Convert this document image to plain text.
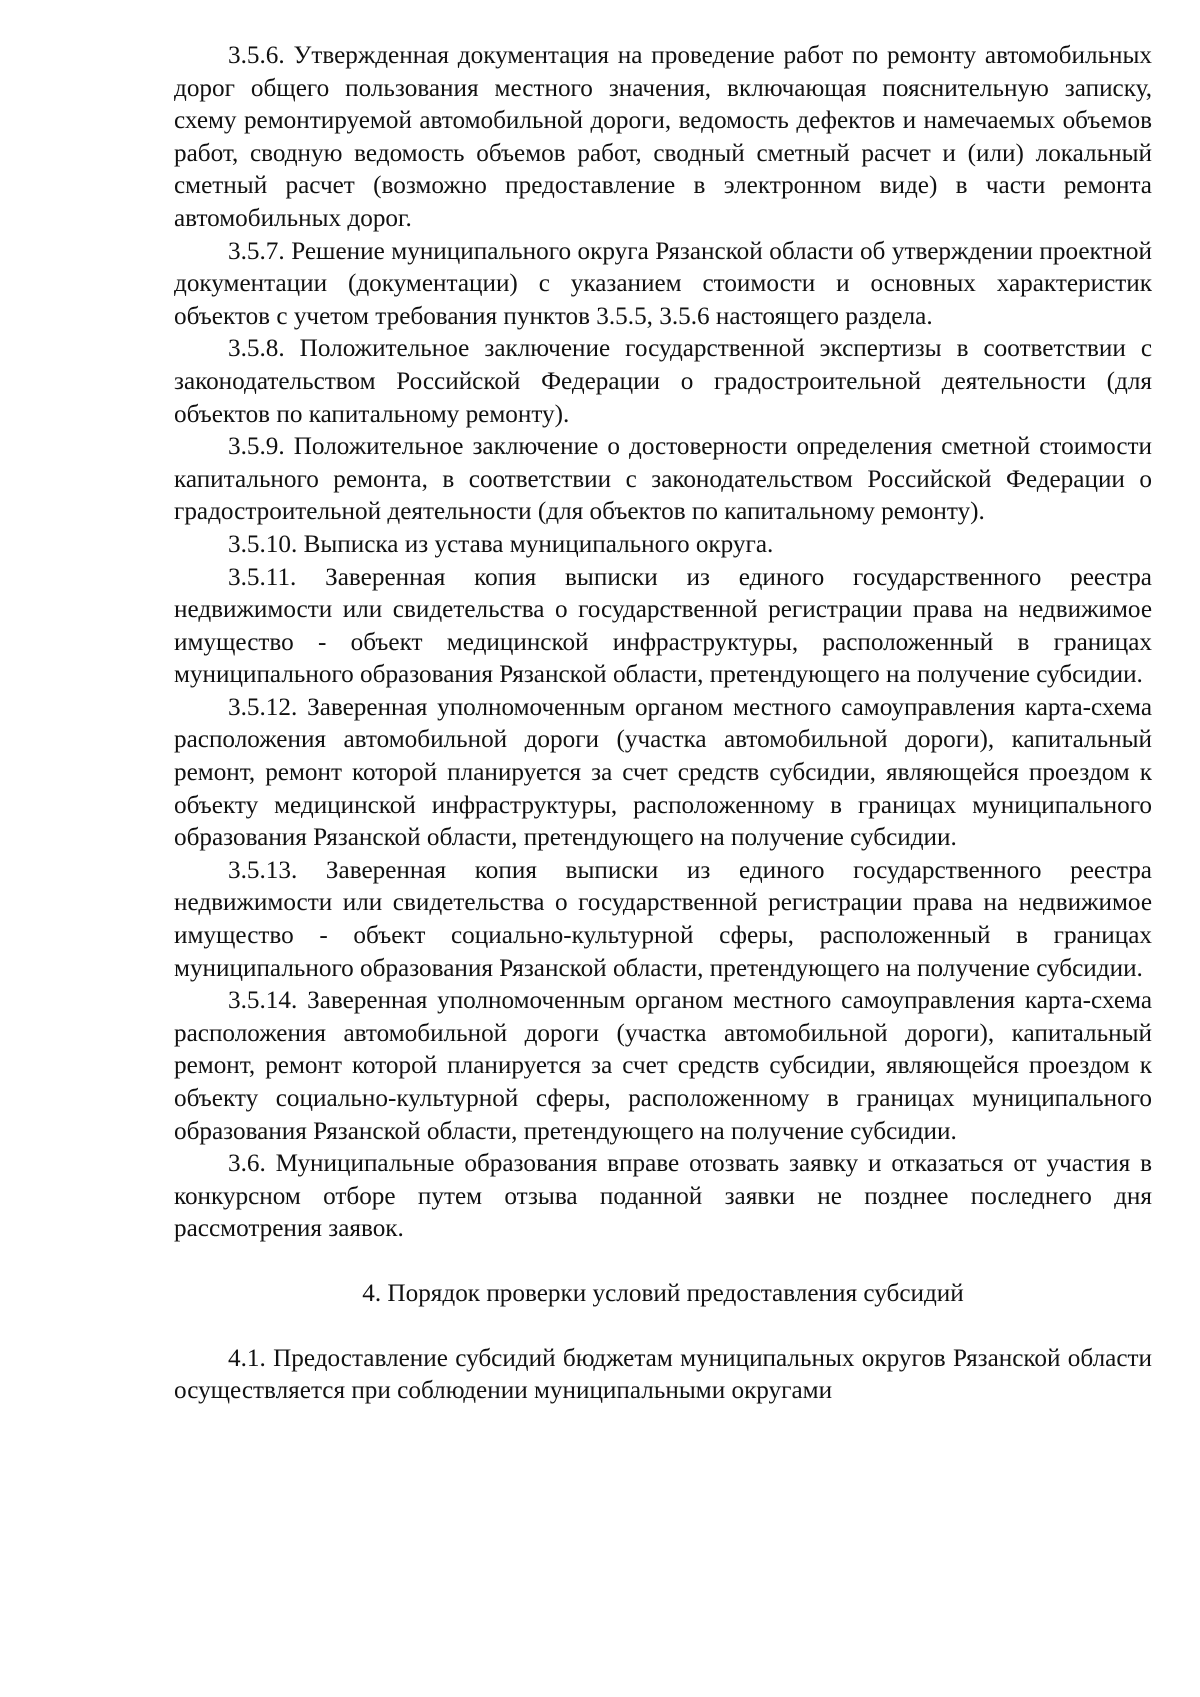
3.5.6. Утвержденная документация на проведение работ по ремонту автомобильных дорог общего пользования местного значения, включающая пояснительную записку, схему ремонтируемой автомобильной дороги, ведомость дефектов и намечаемых объемов работ, сводную ведомость объемов работ, сводный сметный расчет и (или) локальный сметный расчет (возможно предоставление в электронном виде) в части ремонта автомобильных дорог.

3.5.7. Решение муниципального округа Рязанской области об утверждении проектной документации (документации) с указанием стоимости и основных характеристик объектов с учетом требования пунктов 3.5.5, 3.5.6 настоящего раздела.

3.5.8. Положительное заключение государственной экспертизы в соответствии с законодательством Российской Федерации о градостроительной деятельности (для объектов по капитальному ремонту).

3.5.9. Положительное заключение о достоверности определения сметной стоимости капитального ремонта, в соответствии с законодательством Российской Федерации о градостроительной деятельности (для объектов по капитальному ремонту).

3.5.10. Выписка из устава муниципального округа.

3.5.11. Заверенная копия выписки из единого государственного реестра недвижимости или свидетельства о государственной регистрации права на недвижимое имущество - объект медицинской инфраструктуры, расположенный в границах муниципального образования Рязанской области, претендующего на получение субсидии.

3.5.12. Заверенная уполномоченным органом местного самоуправления карта-схема расположения автомобильной дороги (участка автомобильной дороги), капитальный ремонт, ремонт которой планируется за счет средств субсидии, являющейся проездом к объекту медицинской инфраструктуры, расположенному в границах муниципального образования Рязанской области, претендующего на получение субсидии.

3.5.13. Заверенная копия выписки из единого государственного реестра недвижимости или свидетельства о государственной регистрации права на недвижимое имущество - объект социально-культурной сферы, расположенный в границах муниципального образования Рязанской области, претендующего на получение субсидии.

3.5.14. Заверенная уполномоченным органом местного самоуправления карта-схема расположения автомобильной дороги (участка автомобильной дороги), капитальный ремонт, ремонт которой планируется за счет средств субсидии, являющейся проездом к объекту социально-культурной сферы, расположенному в границах муниципального образования Рязанской области, претендующего на получение субсидии.

3.6. Муниципальные образования вправе отозвать заявку и отказаться от участия в конкурсном отборе путем отзыва поданной заявки не позднее последнего дня рассмотрения заявок.

4. Порядок проверки условий предоставления субсидий

4.1. Предоставление субсидий бюджетам муниципальных округов Рязанской области осуществляется при соблюдении муниципальными округами
